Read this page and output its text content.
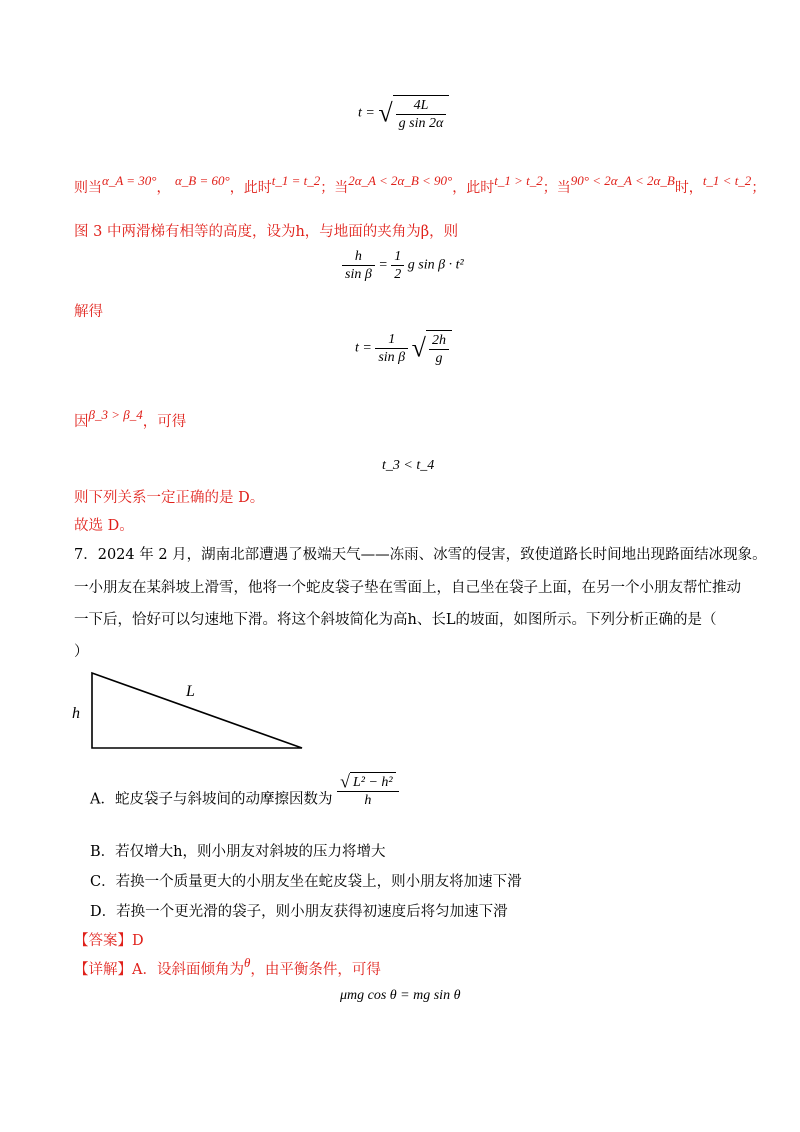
t = √ $\frac{4L}{\text{g sin 2α}}$
则当α_A = 30°， α_B = 60°，此时t_1 = t_2；当2α_A < 2α_B < 90°，此时t_1 > t_2；当90° < 2α_A < 2α_B时，t_1 < t_2；
图 3 中两滑梯有相等的高度，设为h，与地面的夹角为β，则
$\frac{h}{\text{sin β}} = \frac{1}{2}$ g sin β · t²
解得
$t = \frac{1}{\text{sin β}}$ √ $\frac{2h}{g}$
因β_3 > β_4，可得
t_3 < t_4
则下列关系一定正确的是 D。
故选 D。
7．2024 年 2 月，湖南北部遭遇了极端天气——冻雨、冰雪的侵害，致使道路长时间地出现路面结冰现象。
一小朋友在某斜坡上滑雪，他将一个蛇皮袋子垫在雪面上，自己坐在袋子上面，在另一个小朋友帮忙推动
一下后，恰好可以匀速地下滑。将这个斜坡简化为高h、长L的坡面，如图所示。下列分析正确的是（
）
h
L
A．蛇皮袋子与斜坡间的动摩擦因数为 $\frac{\text{√ L² − h²}}{h}$
B．若仅增大h，则小朋友对斜坡的压力将增大
C．若换一个质量更大的小朋友坐在蛇皮袋上，则小朋友将加速下滑
D．若换一个更光滑的袋子，则小朋友获得初速度后将匀加速下滑
【答案】D
【详解】A．设斜面倾角为θ，由平衡条件，可得
μmg cos θ = mg sin θ
